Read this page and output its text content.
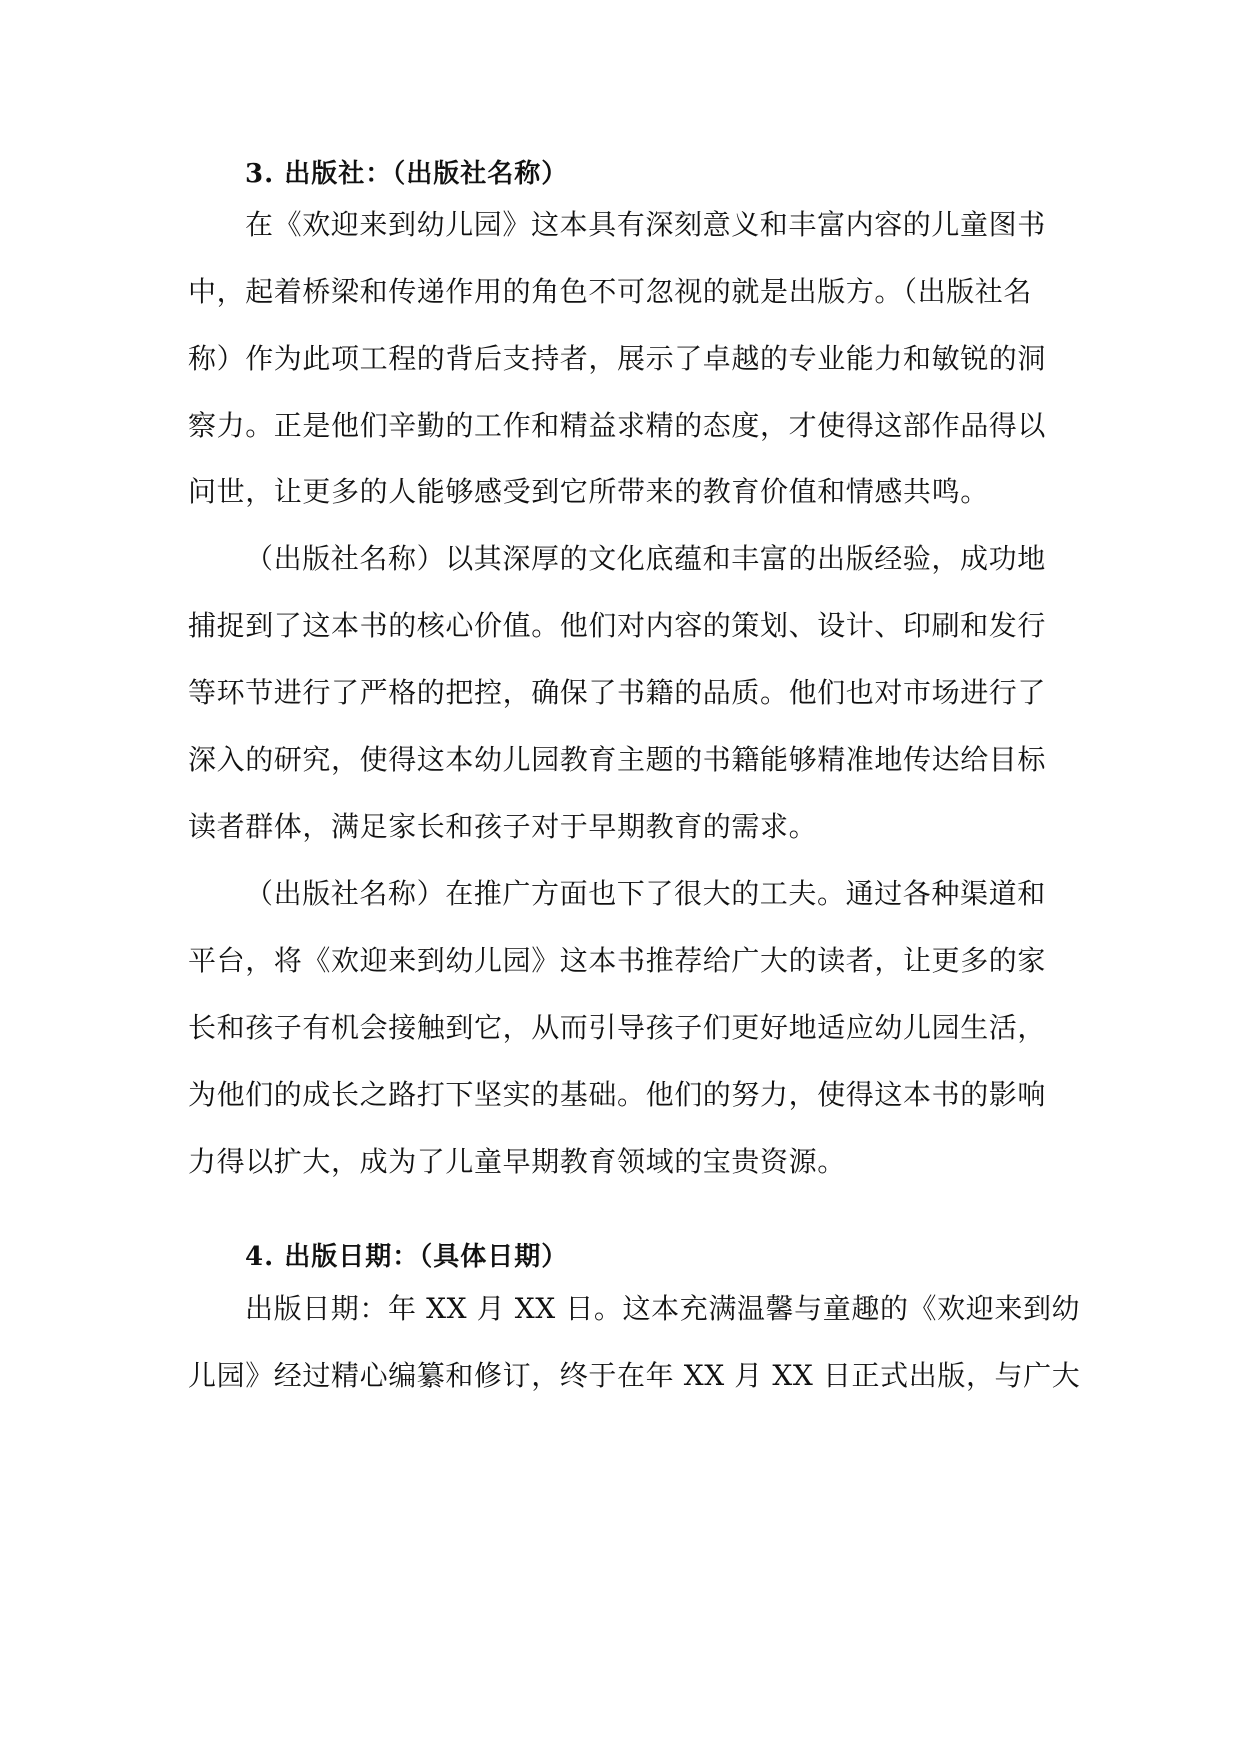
3. 出版社：（出版社名称）
在《欢迎来到幼儿园》这本具有深刻意义和丰富内容的儿童图书
中，起着桥梁和传递作用的角色不可忽视的就是出版方。（出版社名
称）作为此项工程的背后支持者，展示了卓越的专业能力和敏锐的洞
察力。正是他们辛勤的工作和精益求精的态度，才使得这部作品得以
问世，让更多的人能够感受到它所带来的教育价值和情感共鸣。
（出版社名称）以其深厚的文化底蕴和丰富的出版经验，成功地
捕捉到了这本书的核心价值。他们对内容的策划、设计、印刷和发行
等环节进行了严格的把控，确保了书籍的品质。他们也对市场进行了
深入的研究，使得这本幼儿园教育主题的书籍能够精准地传达给目标
读者群体，满足家长和孩子对于早期教育的需求。
（出版社名称）在推广方面也下了很大的工夫。通过各种渠道和
平台，将《欢迎来到幼儿园》这本书推荐给广大的读者，让更多的家
长和孩子有机会接触到它，从而引导孩子们更好地适应幼儿园生活，
为他们的成长之路打下坚实的基础。他们的努力，使得这本书的影响
力得以扩大，成为了儿童早期教育领域的宝贵资源。
4. 出版日期：（具体日期）
出版日期：年 XX 月 XX 日。这本充满温馨与童趣的《欢迎来到幼
儿园》经过精心编纂和修订，终于在年 XX 月 XX 日正式出版，与广大
